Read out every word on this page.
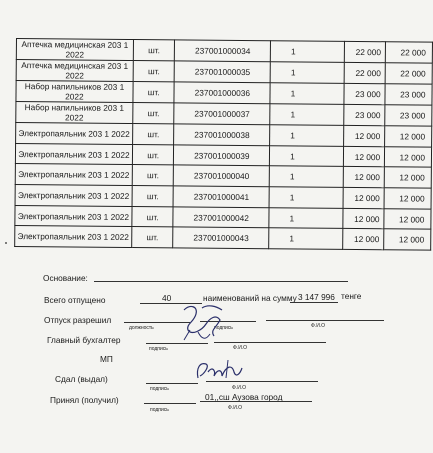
Аптечка медицинская 203 1 2022	шт.	237001000034	1	22 000	22 000
Аптечка медицинская 203 1 2022	шт.	237001000035	1	22 000	22 000
Набор напильников 203 1 2022	шт.	237001000036	1	23 000	23 000
Набор напильников 203 1 2022	шт.	237001000037	1	23 000	23 000
Электропаяльник 203 1 2022	шт.	237001000038	1	12 000	12 000
Электропаяльник 203 1 2022	шт.	237001000039	1	12 000	12 000
Электропаяльник 203 1 2022	шт.	237001000040	1	12 000	12 000
Электропаяльник 203 1 2022	шт.	237001000041	1	12 000	12 000
Электропаяльник 203 1 2022	шт.	237001000042	1	12 000	12 000
Электропаяльник 203 1 2022	шт.	237001000043	1	12 000	12 000
Основание:
Всего отпущено	40	наименований на сумму 3 147 996 тенге
Отпуск разрешил
должность	подпись	Ф.И.О
Главный бухгалтер
подпись	Ф.И.О
МП
Сдал (выдал)
подпись	Ф.И.О
Принял (получил)	01,,сш Аузова город
подпись	Ф.И.О
